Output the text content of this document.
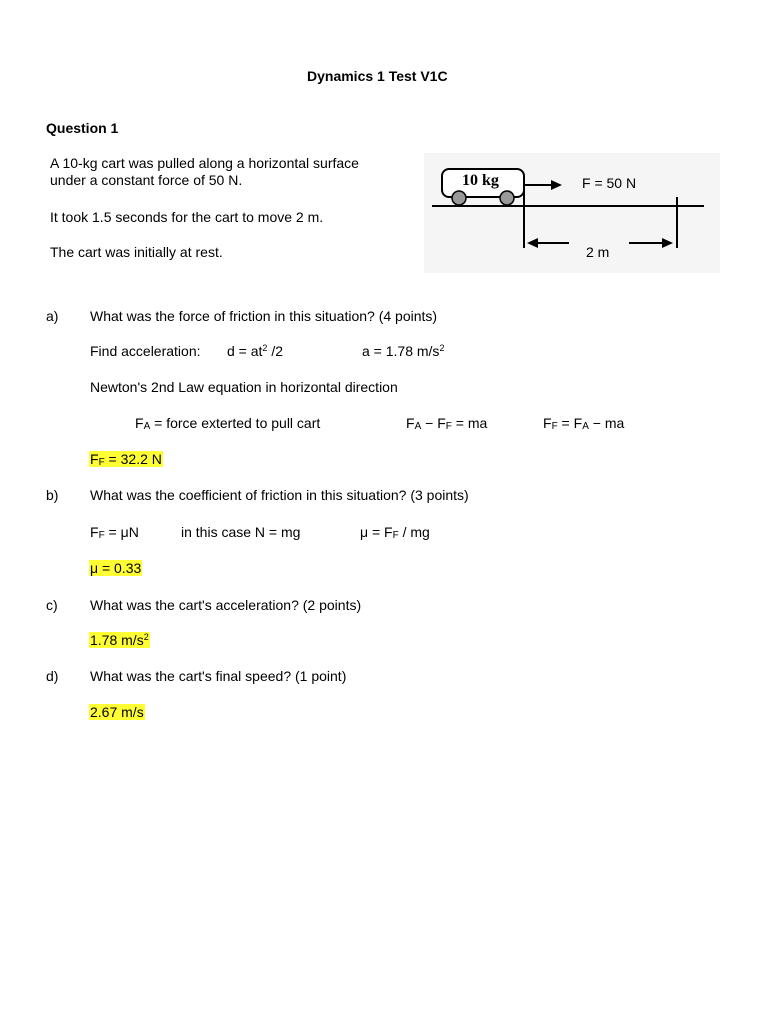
Dynamics 1 Test V1C
Question 1
A 10-kg cart was pulled along a horizontal surface
under a constant force of 50 N.
It took 1.5 seconds for the cart to move 2 m.
The cart was initially at rest.
10 kg	F = 50 N
2 m
a) What was the force of friction in this situation? (4 points)
Find acceleration: $d = at^2$ /2	a = 1.78 $m/s^2$
Newton's 2nd Law equation in horizontal direction
$F_A$ = force exterted to pull cart	$F_A - F_F$ = ma	$F_F = F_A$ − ma
$F_F = 32.2$ N
b) What was the coefficient of friction in this situation? (3 points)
$F_F = \mu N$	in this case N = mg	$\mu = F_F$ / mg
μ = 0.33
c) What was the cart's acceleration? (2 points)
1.78 $m/s^2$
d) What was the cart's final speed? (1 point)
2.67 m/s
